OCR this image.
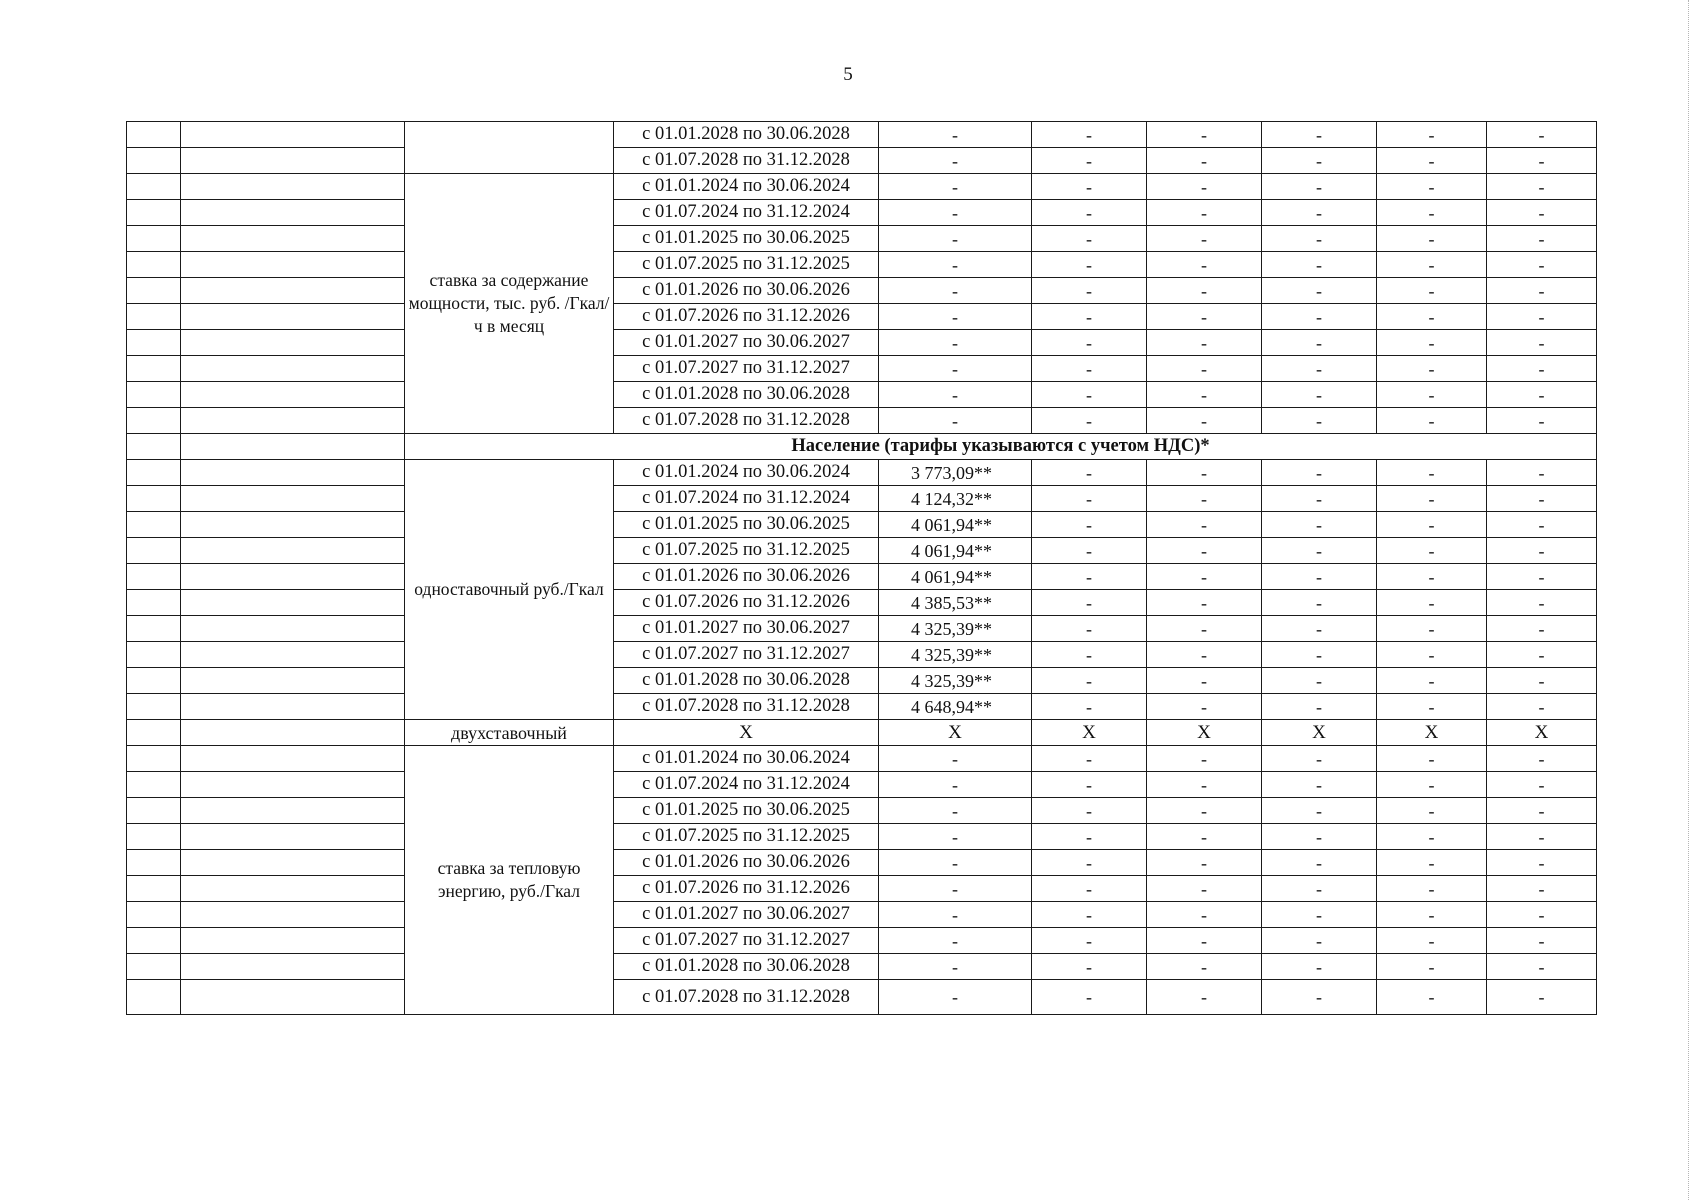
5
			с 01.01.2028 по 30.06.2028	-	-	-	-	-	-
			с 01.07.2028 по 31.12.2028	-	-	-	-	-	-
		ставка за содержание мощности, тыс. руб. /Гкал/ч в месяц	с 01.01.2024 по 30.06.2024	-	-	-	-	-	-
			с 01.07.2024 по 31.12.2024	-	-	-	-	-	-
			с 01.01.2025 по 30.06.2025	-	-	-	-	-	-
			с 01.07.2025 по 31.12.2025	-	-	-	-	-	-
			с 01.01.2026 по 30.06.2026	-	-	-	-	-	-
			с 01.07.2026 по 31.12.2026	-	-	-	-	-	-
			с 01.01.2027 по 30.06.2027	-	-	-	-	-	-
			с 01.07.2027 по 31.12.2027	-	-	-	-	-	-
			с 01.01.2028 по 30.06.2028	-	-	-	-	-	-
			с 01.07.2028 по 31.12.2028	-	-	-	-	-	-
		Население (тарифы указываются с учетом НДС)*							
		одноставочный руб./Гкал	с 01.01.2024 по 30.06.2024	3 773,09**	-	-	-	-	-
			с 01.07.2024 по 31.12.2024	4 124,32**	-	-	-	-	-
			с 01.01.2025 по 30.06.2025	4 061,94**	-	-	-	-	-
			с 01.07.2025 по 31.12.2025	4 061,94**	-	-	-	-	-
			с 01.01.2026 по 30.06.2026	4 061,94**	-	-	-	-	-
			с 01.07.2026 по 31.12.2026	4 385,53**	-	-	-	-	-
			с 01.01.2027 по 30.06.2027	4 325,39**	-	-	-	-	-
			с 01.07.2027 по 31.12.2027	4 325,39**	-	-	-	-	-
			с 01.01.2028 по 30.06.2028	4 325,39**	-	-	-	-	-
			с 01.07.2028 по 31.12.2028	4 648,94**	-	-	-	-	-
		двухставочный	X	X	X	X	X	X	X
		ставка за тепловую энергию, руб./Гкал	с 01.01.2024 по 30.06.2024	-	-	-	-	-	-
			с 01.07.2024 по 31.12.2024	-	-	-	-	-	-
			с 01.01.2025 по 30.06.2025	-	-	-	-	-	-
			с 01.07.2025 по 31.12.2025	-	-	-	-	-	-
			с 01.01.2026 по 30.06.2026	-	-	-	-	-	-
			с 01.07.2026 по 31.12.2026	-	-	-	-	-	-
			с 01.01.2027 по 30.06.2027	-	-	-	-	-	-
			с 01.07.2027 по 31.12.2027	-	-	-	-	-	-
			с 01.01.2028 по 30.06.2028	-	-	-	-	-	-
			с 01.07.2028 по 31.12.2028	-	-	-	-	-	-
